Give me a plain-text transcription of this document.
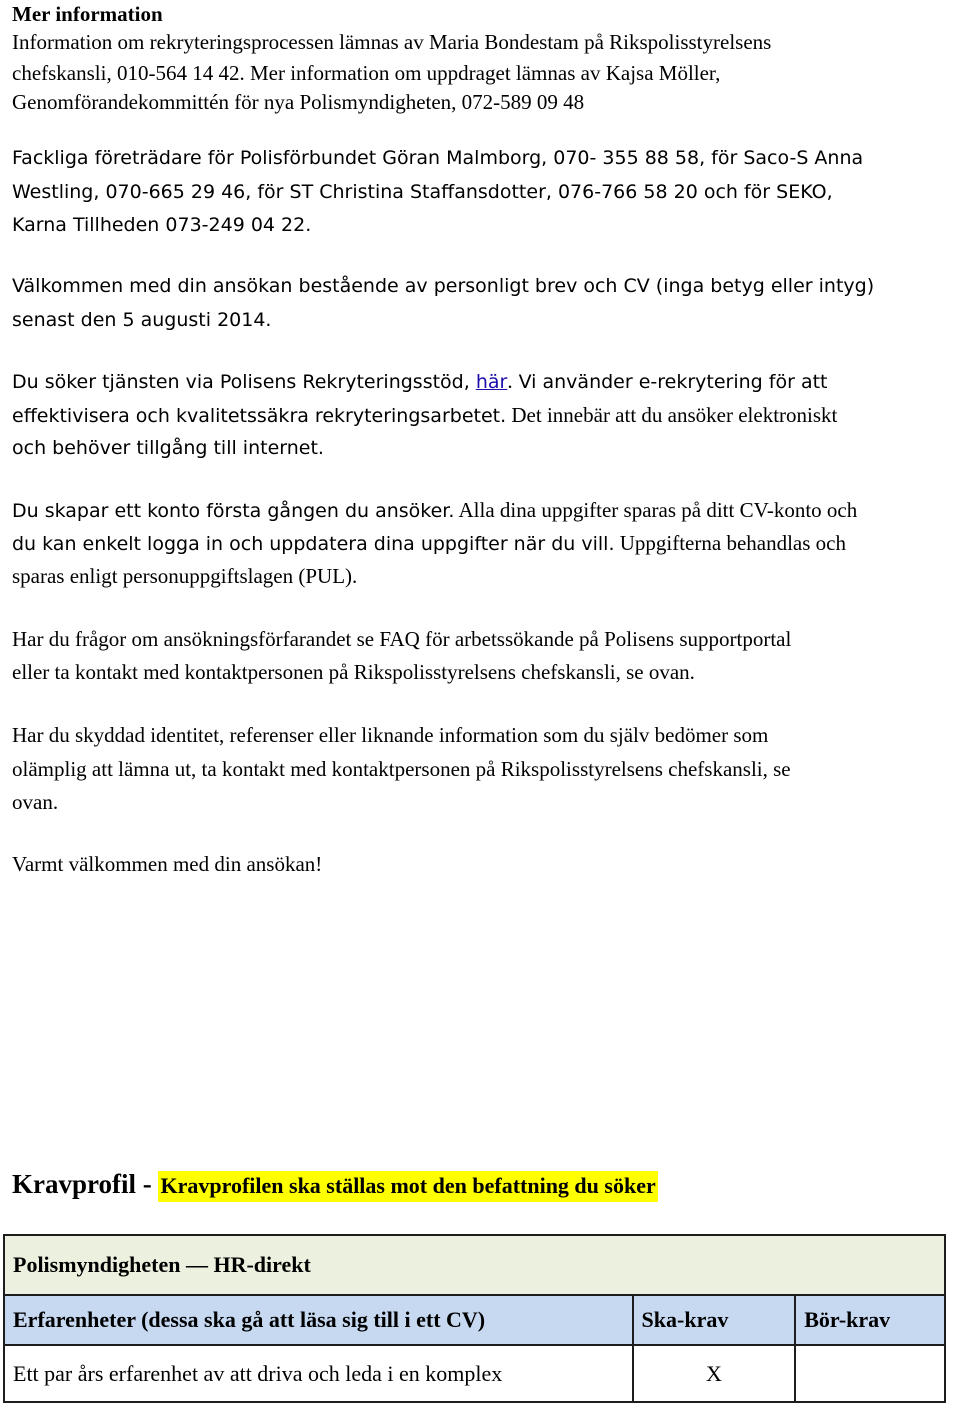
Mer information
Information om rekryteringsprocessen lämnas av Maria Bondestam på Rikspolisstyrelsens
chefskansli, 010-564 14 42. Mer information om uppdraget lämnas av Kajsa Möller,
Genomförandekommittén för nya Polismyndigheten, 072-589 09 48
Fackliga företrädare för Polisförbundet Göran Malmborg, 070- 355 88 58, för Saco-S Anna
Westling, 070-665 29 46, för ST Christina Staffansdotter, 076-766 58 20 och för SEKO,
Karna Tillheden 073-249 04 22.
Välkommen med din ansökan bestående av personligt brev och CV (inga betyg eller intyg)
senast den 5 augusti 2014.
Du söker tjänsten via Polisens Rekryteringsstöd, här. Vi använder e-rekrytering för att
effektivisera och kvalitetssäkra rekryteringsarbetet. Det innebär att du ansöker elektroniskt
och behöver tillgång till internet.
Du skapar ett konto första gången du ansöker. Alla dina uppgifter sparas på ditt CV-konto och
du kan enkelt logga in och uppdatera dina uppgifter när du vill. Uppgifterna behandlas och
sparas enligt personuppgiftslagen (PUL).
Har du frågor om ansökningsförfarandet se FAQ för arbetssökande på Polisens supportportal
eller ta kontakt med kontaktpersonen på Rikspolisstyrelsens chefskansli, se ovan.
Har du skyddad identitet, referenser eller liknande information som du själv bedömer som
olämplig att lämna ut, ta kontakt med kontaktpersonen på Rikspolisstyrelsens chefskansli, se
ovan.
Varmt välkommen med din ansökan!
Kravprofil - Kravprofilen ska ställas mot den befattning du söker
Polismyndigheten — HR-direkt		
Erfarenheter (dessa ska gå att läsa sig till i ett CV)	Ska-krav	Bör-krav
Ett par års erfarenhet av att driva och leda i en komplex	X	
